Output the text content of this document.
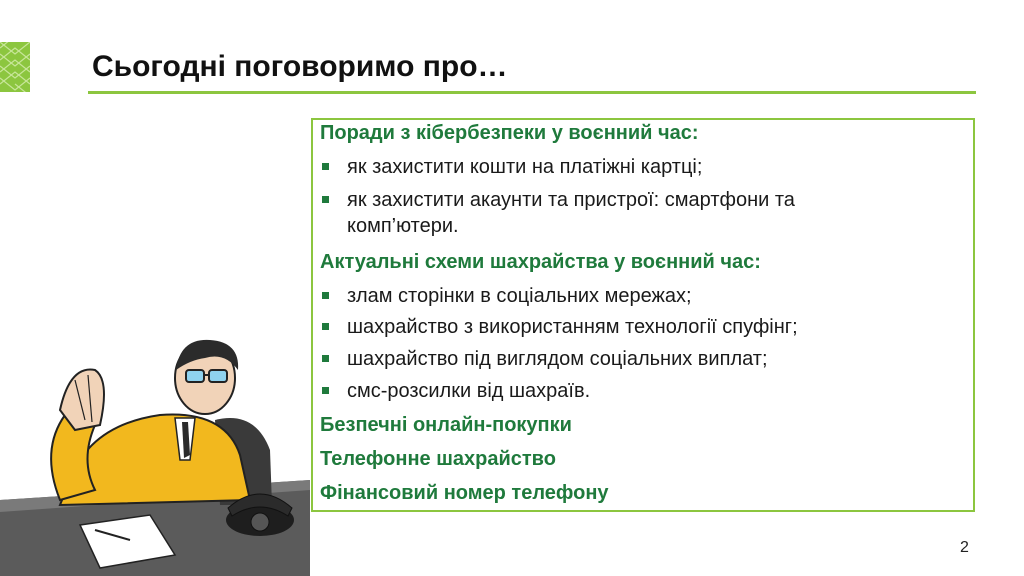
Сьогодні поговоримо про…
Поради з кібербезпеки у воєнний час:
як захистити кошти на платіжні картці;
як захистити акаунти та пристрої: смартфони та
комп’ютери.
Актуальні схеми шахрайства у воєнний час:
злам сторінки в соціальних мережах;
шахрайство з використанням технології спуфінг;
шахрайство під виглядом соціальних виплат;
смс-розсилки від шахраїв.
Безпечні онлайн-покупки
Телефонне шахрайство
Фінансовий номер телефону
2
